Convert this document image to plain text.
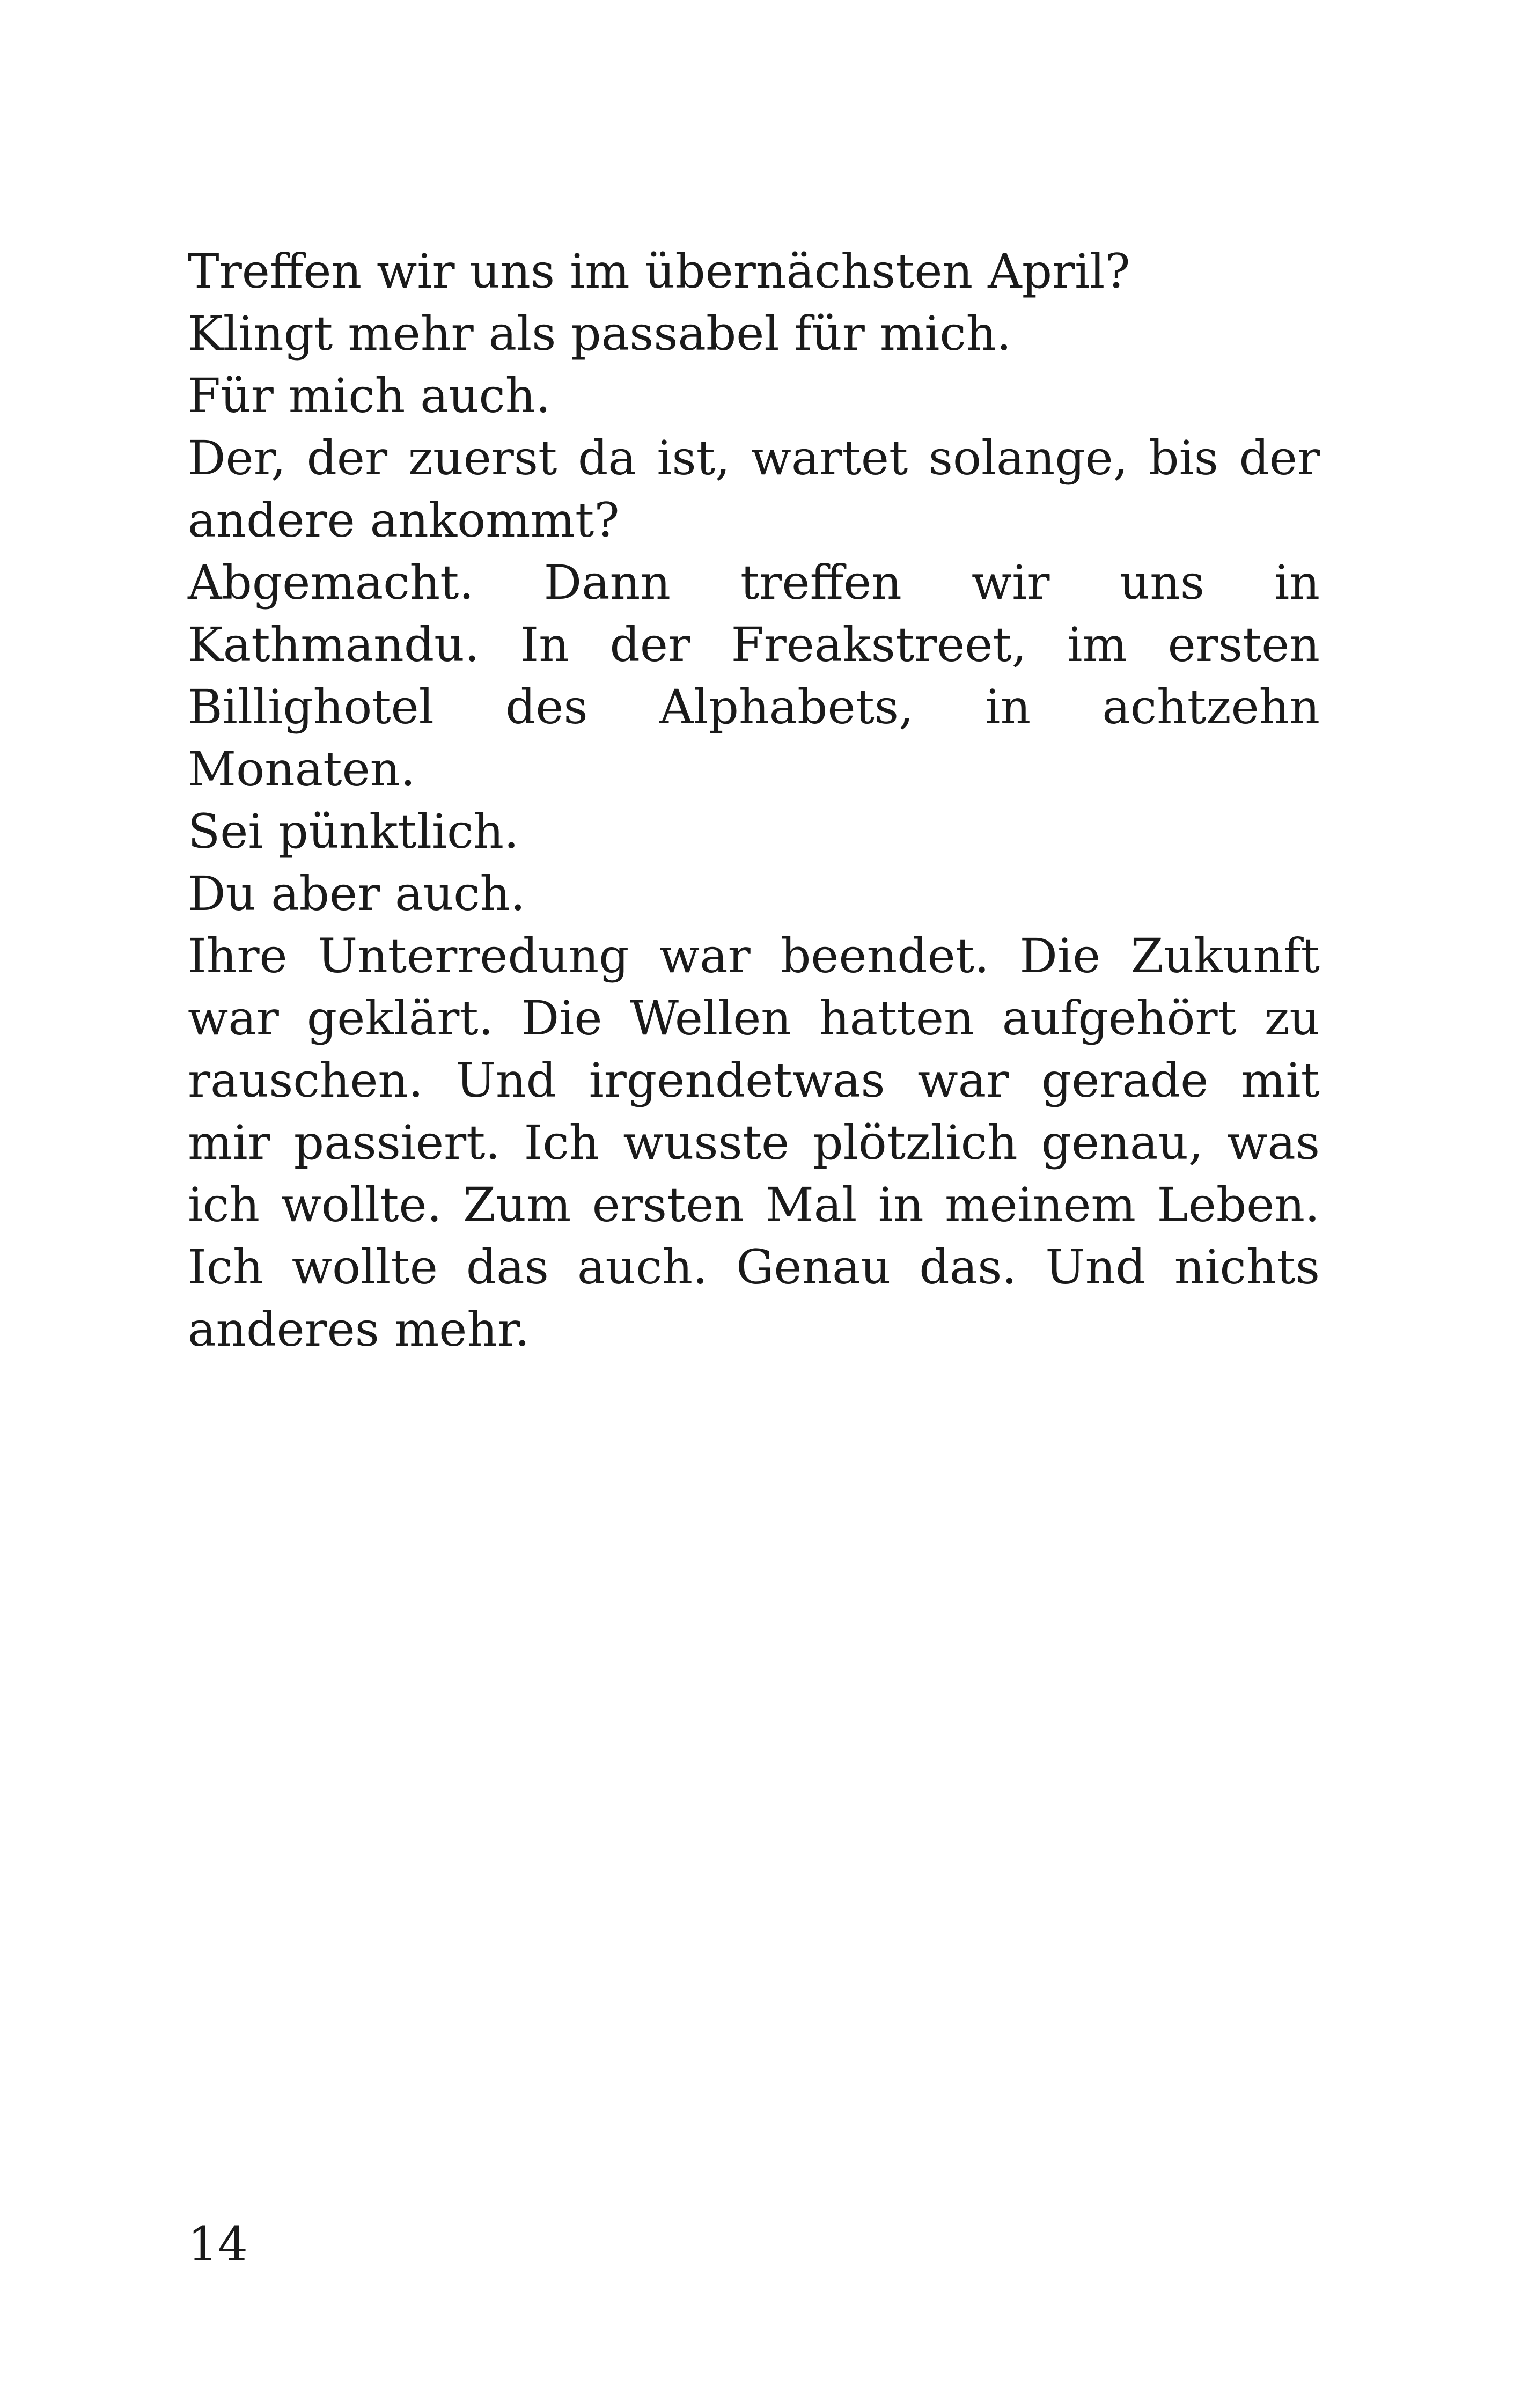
Treffen wir uns im übernächsten April?

Klingt mehr als passabel für mich.

Für mich auch.

Der, der zuerst da ist, wartet solange, bis der andere ankommt?

Abgemacht. Dann treffen wir uns in Kathmandu. In der Freakstreet, im ersten Billighotel des Alphabets, in achtzehn Monaten.

Sei pünktlich.

Du aber auch.

Ihre Unterredung war beendet. Die Zukunft war geklärt. Die Wellen hatten aufgehört zu rauschen. Und irgendetwas war gerade mit mir passiert. Ich wusste plötzlich genau, was ich wollte. Zum ersten Mal in meinem Leben. Ich wollte das auch. Genau das. Und nichts anderes mehr.

14
